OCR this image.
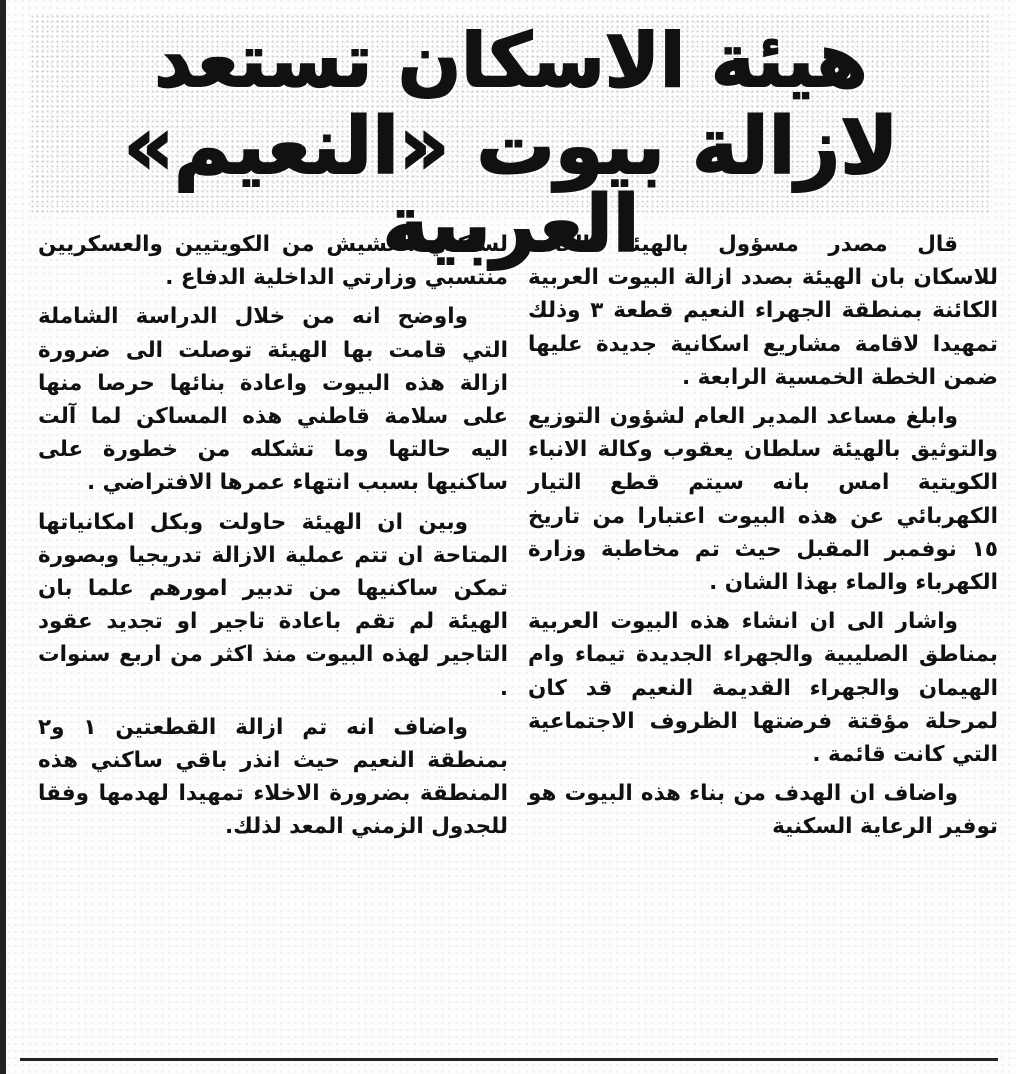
هيئة الاسكان تستعد
لازالة بيوت «النعيم» العربية

قال مصدر مسؤول بالهيئة العامة للاسكان بان الهيئة بصدد ازالة البيوت العربية الكائنة بمنطقة الجهراء النعيم قطعة ٣ وذلك تمهيدا لاقامة مشاريع اسكانية جديدة عليها ضمن الخطة الخمسية الرابعة .

وابلغ مساعد المدير العام لشؤون التوزيع والتوثيق بالهيئة سلطان يعقوب وكالة الانباء الكويتية امس بانه سيتم قطع التيار الكهربائي عن هذه البيوت اعتبارا من تاريخ ١٥ نوفمبر المقبل حيث تم مخاطبة وزارة الكهرباء والماء بهذا الشان .

واشار الى ان انشاء هذه البيوت العربية بمناطق الصليبية والجهراء الجديدة تيماء وام الهيمان والجهراء القديمة النعيم قد كان لمرحلة مؤقتة فرضتها الظروف الاجتماعية التي كانت قائمة .

واضاف ان الهدف من بناء هذه البيوت هو توفير الرعاية السكنية

لساكني العشيش من الكويتيين والعسكريين منتسبي وزارتي الداخلية الدفاع .

واوضح انه من خلال الدراسة الشاملة التي قامت بها الهيئة توصلت الى ضرورة ازالة هذه البيوت واعادة بنائها حرصا منها على سلامة قاطني هذه المساكن لما آلت اليه حالتها وما تشكله من خطورة على ساكنيها بسبب انتهاء عمرها الافتراضي .

وبين ان الهيئة حاولت وبكل امكانياتها المتاحة ان تتم عملية الازالة تدريجيا وبصورة تمكن ساكنيها من تدبير امورهم علما بان الهيئة لم تقم باعادة تاجير او تجديد عقود التاجير لهذه البيوت منذ اكثر من اربع سنوات .

واضاف انه تم ازالة القطعتين ١ و٢ بمنطقة النعيم حيث انذر باقي ساكني هذه المنطقة بضرورة الاخلاء تمهيدا لهدمها وفقا للجدول الزمني المعد لذلك.
